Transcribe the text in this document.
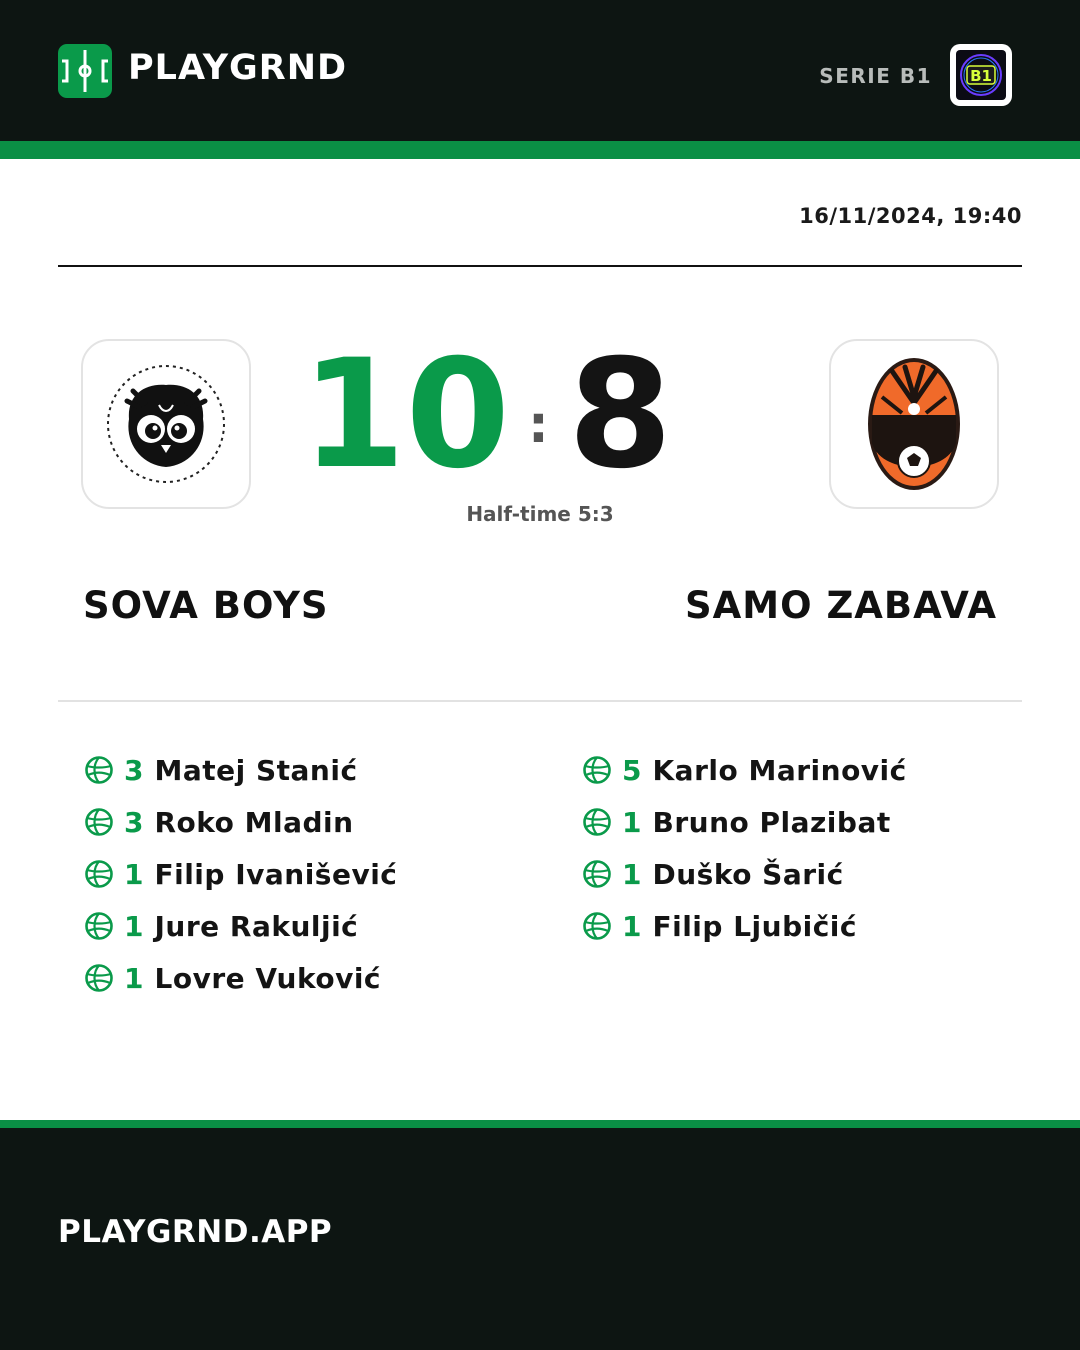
PLAYGRND	SERIE B1	B1
16/11/2024, 19:40
10 : 8
Half-time 5:3
SOVA BOYS	SAMO ZABAVA
3 Matej Stanić
3 Roko Mladin
1 Filip Ivanišević
1 Jure Rakuljić
1 Lovre Vuković
5 Karlo Marinović
1 Bruno Plazibat
1 Duško Šarić
1 Filip Ljubičić
PLAYGRND.APP
